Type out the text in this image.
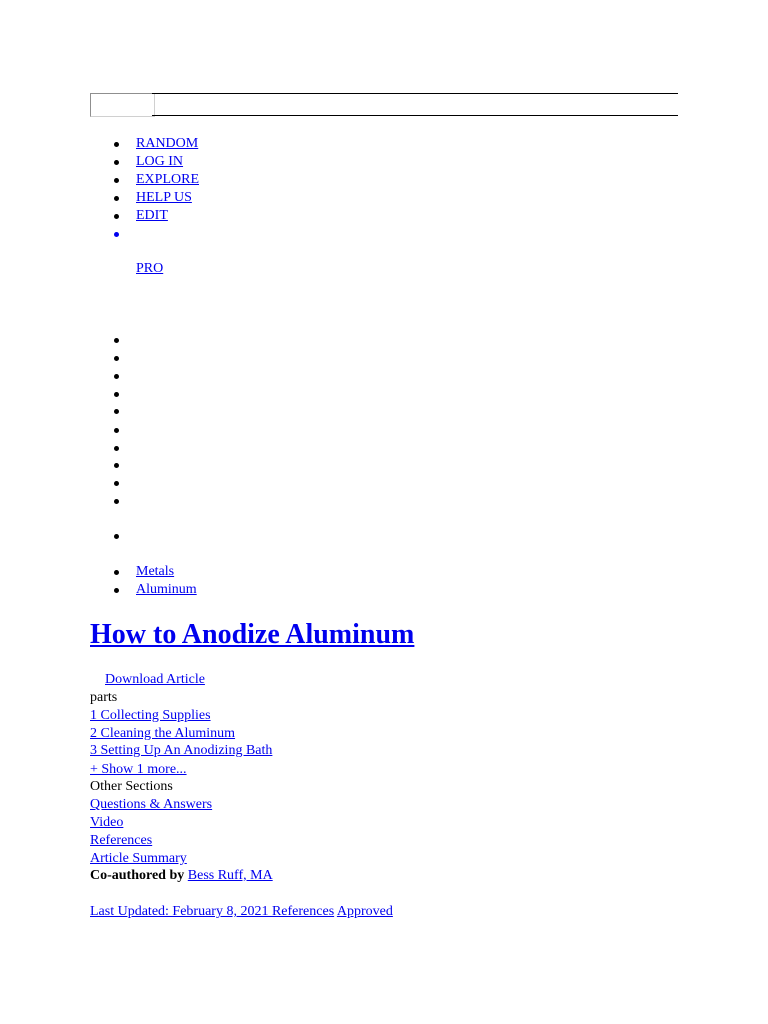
RANDOM
LOG IN
EXPLORE
HELP US
EDIT
PRO
Metals
Aluminum
How to Anodize Aluminum
Download Article
parts
1 Collecting Supplies
2 Cleaning the Aluminum
3 Setting Up An Anodizing Bath
+ Show 1 more...
Other Sections
Questions & Answers
Video
References
Article Summary
Co-authored by Bess Ruff, MA
Last Updated: February 8, 2021 References Approved
